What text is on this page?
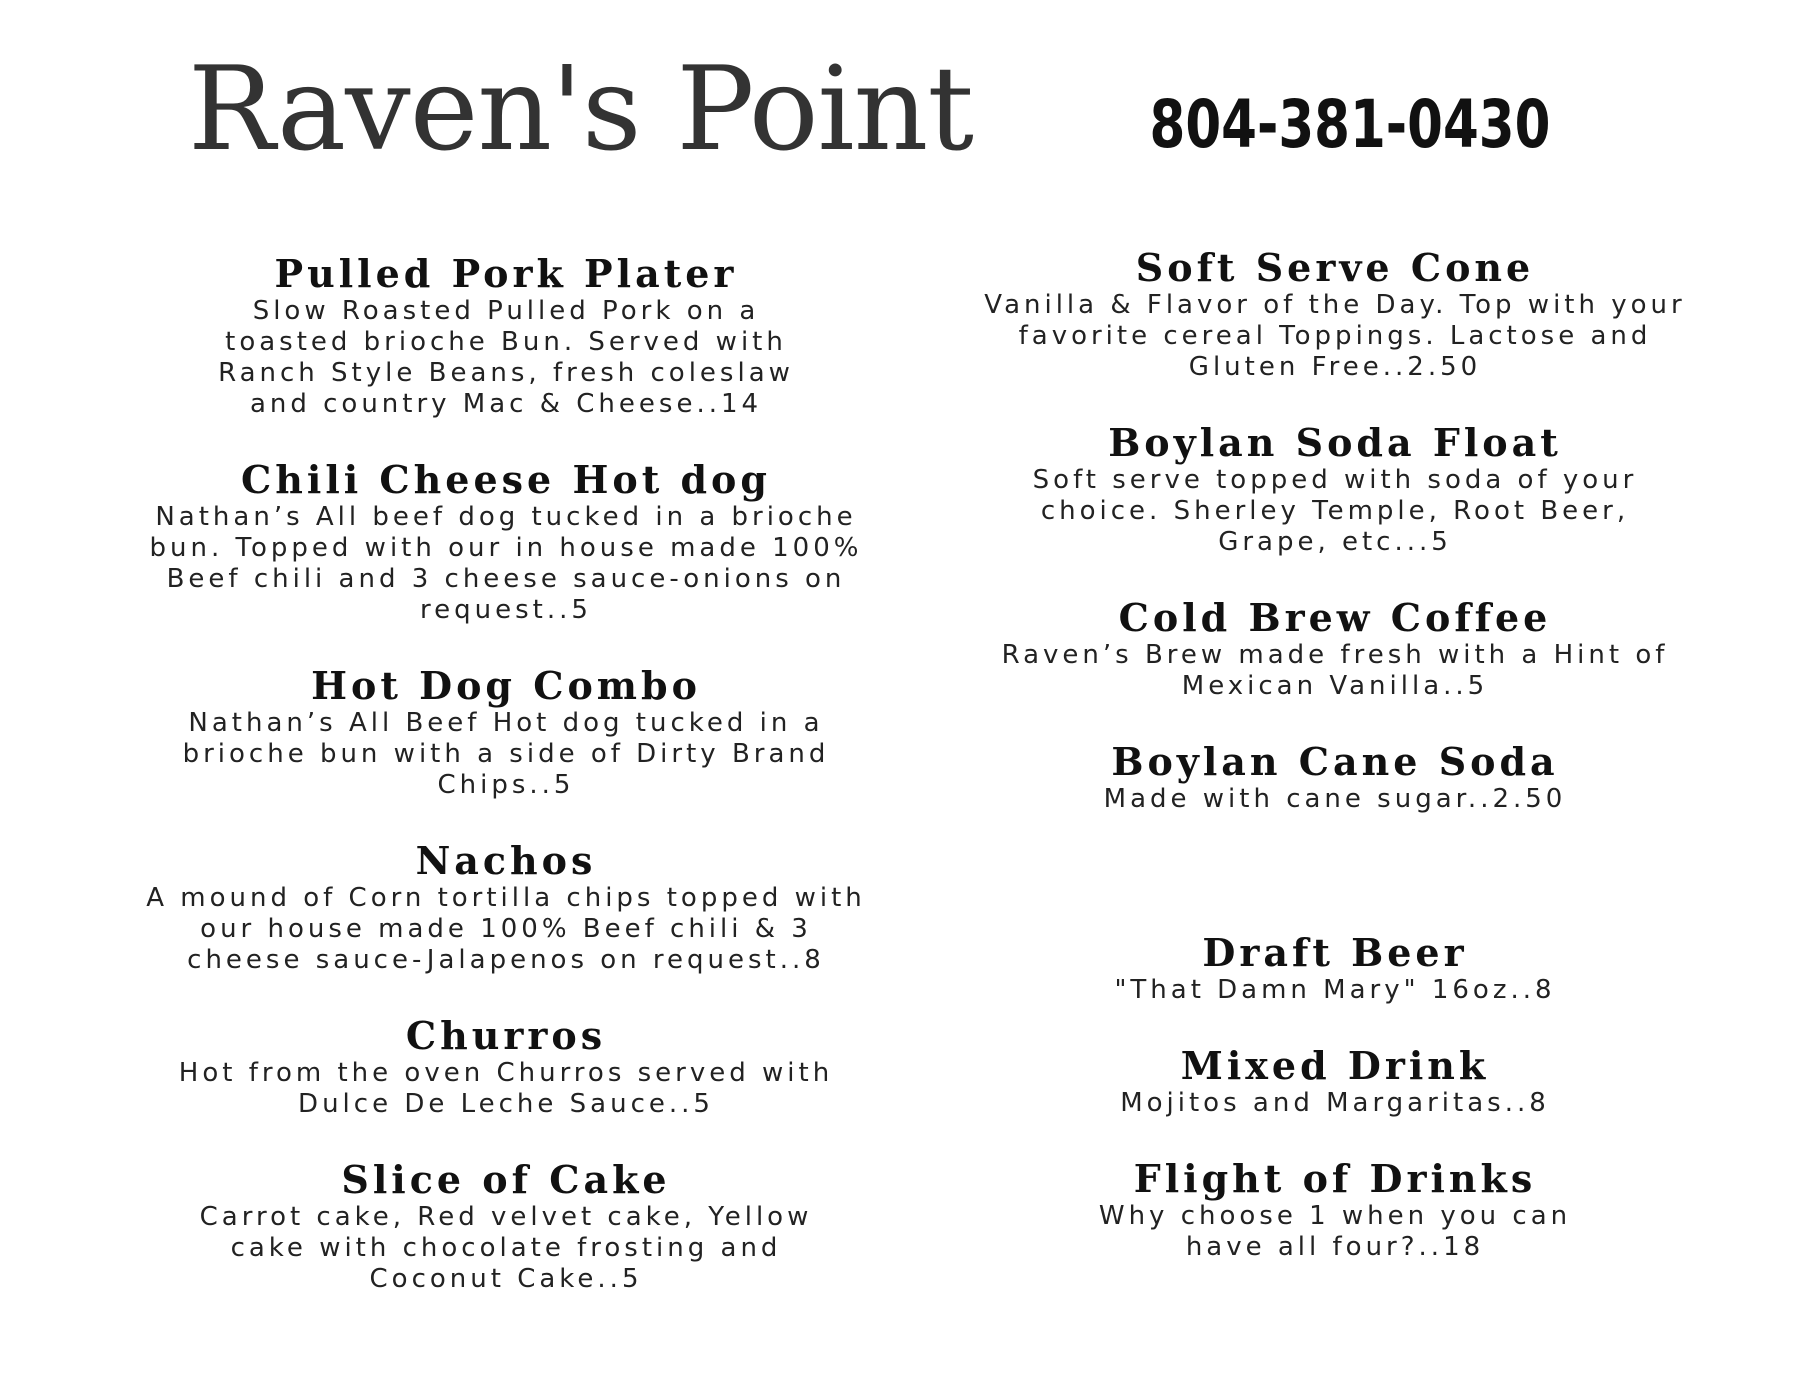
Raven's Point	804-381-0430
Pulled Pork Plater

Slow Roasted Pulled Pork on a toasted brioche Bun. Served with Ranch Style Beans, fresh coleslaw and country Mac & Cheese..14

Chili Cheese Hot dog

Nathan’s All beef dog tucked in a brioche bun. Topped with our in house made 100% Beef chili and 3 cheese sauce-onions on request..5

Hot Dog Combo

Nathan’s All Beef Hot dog tucked in a brioche bun with a side of Dirty Brand Chips..5

Nachos

A mound of Corn tortilla chips topped with our house made 100% Beef chili & 3 cheese sauce-Jalapenos on request..8

Churros

Hot from the oven Churros served with Dulce De Leche Sauce..5

Slice of Cake

Carrot cake, Red velvet cake, Yellow cake with chocolate frosting and Coconut Cake..5

Soft Serve Cone

Vanilla & Flavor of the Day. Top with your favorite cereal Toppings. Lactose and Gluten Free..2.50

Boylan Soda Float

Soft serve topped with soda of your choice. Sherley Temple, Root Beer, Grape, etc...5

Cold Brew Coffee

Raven’s Brew made fresh with a Hint of Mexican Vanilla..5

Boylan Cane Soda

Made with cane sugar..2.50

Draft Beer

"That Damn Mary" 16oz..8

Mixed Drink

Mojitos and Margaritas..8

Flight of Drinks

Why choose 1 when you can have all four?..18
